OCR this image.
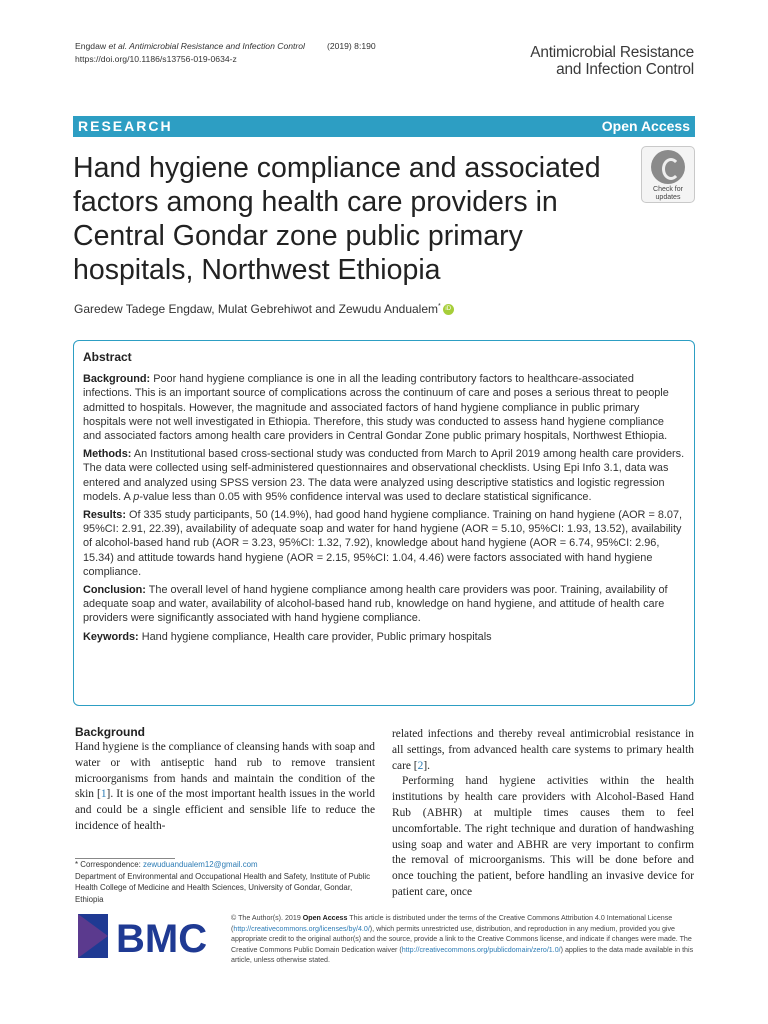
Engdaw et al. Antimicrobial Resistance and Infection Control	(2019) 8:190
https://doi.org/10.1186/s13756-019-0634-z	Antimicrobial Resistance
and Infection Control
RESEARCH	Open Access
Hand hygiene compliance and associated factors among health care providers in Central Gondar zone public primary hospitals, Northwest Ethiopia
Check for
updates
Garedew Tadege Engdaw, Mulat Gebrehiwot and Zewudu Andualem* iD
Abstract

Background: Poor hand hygiene compliance is one in all the leading contributory factors to healthcare-associated infections. This is an important source of complications across the continuum of care and poses a serious threat to people admitted to hospitals. However, the magnitude and associated factors of hand hygiene compliance in public primary hospitals were not well investigated in Ethiopia. Therefore, this study was conducted to assess hand hygiene compliance and associated factors among health care providers in Central Gondar Zone public primary hospitals, Northwest Ethiopia.

Methods: An Institutional based cross-sectional study was conducted from March to April 2019 among health care providers. The data were collected using self-administered questionnaires and observational checklists. Using Epi Info 3.1, data was entered and analyzed using SPSS version 23. The data were analyzed using descriptive statistics and logistic regression models. A p-value less than 0.05 with 95% confidence interval was used to declare statistical significance.

Results: Of 335 study participants, 50 (14.9%), had good hand hygiene compliance. Training on hand hygiene (AOR = 8.07, 95%CI: 2.91, 22.39), availability of adequate soap and water for hand hygiene (AOR = 5.10, 95%CI: 1.93, 13.52), availability of alcohol-based hand rub (AOR = 3.23, 95%CI: 1.32, 7.92), knowledge about hand hygiene (AOR = 6.74, 95%CI: 2.96, 15.34) and attitude towards hand hygiene (AOR = 2.15, 95%CI: 1.04, 4.46) were factors associated with hand hygiene compliance.

Conclusion: The overall level of hand hygiene compliance among health care providers was poor. Training, availability of adequate soap and water, availability of alcohol-based hand rub, knowledge on hand hygiene, and attitude of health care providers were significantly associated with hand hygiene compliance.

Keywords: Hand hygiene compliance, Health care provider, Public primary hospitals

Background

Hand hygiene is the compliance of cleansing hands with soap and water or with antiseptic hand rub to remove transient microorganisms from hands and maintain the condition of the skin [1]. It is one of the most important health issues in the world and could be a single efficient and sensible life to reduce the incidence of health-

related infections and thereby reveal antimicrobial resistance in all settings, from advanced health care systems to primary health care [2].

Performing hand hygiene activities within the health institutions by health care providers with Alcohol-Based Hand Rub (ABHR) at multiple times causes them to feel uncomfortable. The right technique and duration of handwashing using soap and water and ABHR are very important to confirm the removal of microorganisms. This will be done before and once touching the patient, before handling an invasive device for patient care, once

* Correspondence: zewuduandualem12@gmail.com
Department of Environmental and Occupational Health and Safety, Institute of Public Health College of Medicine and Health Sciences, University of Gondar, Gondar, Ethiopia
BMC	© The Author(s). 2019 Open Access This article is distributed under the terms of the Creative Commons Attribution 4.0 International License (http://creativecommons.org/licenses/by/4.0/), which permits unrestricted use, distribution, and reproduction in any medium, provided you give appropriate credit to the original author(s) and the source, provide a link to the Creative Commons license, and indicate if changes were made. The Creative Commons Public Domain Dedication waiver (http://creativecommons.org/publicdomain/zero/1.0/) applies to the data made available in this article, unless otherwise stated.
